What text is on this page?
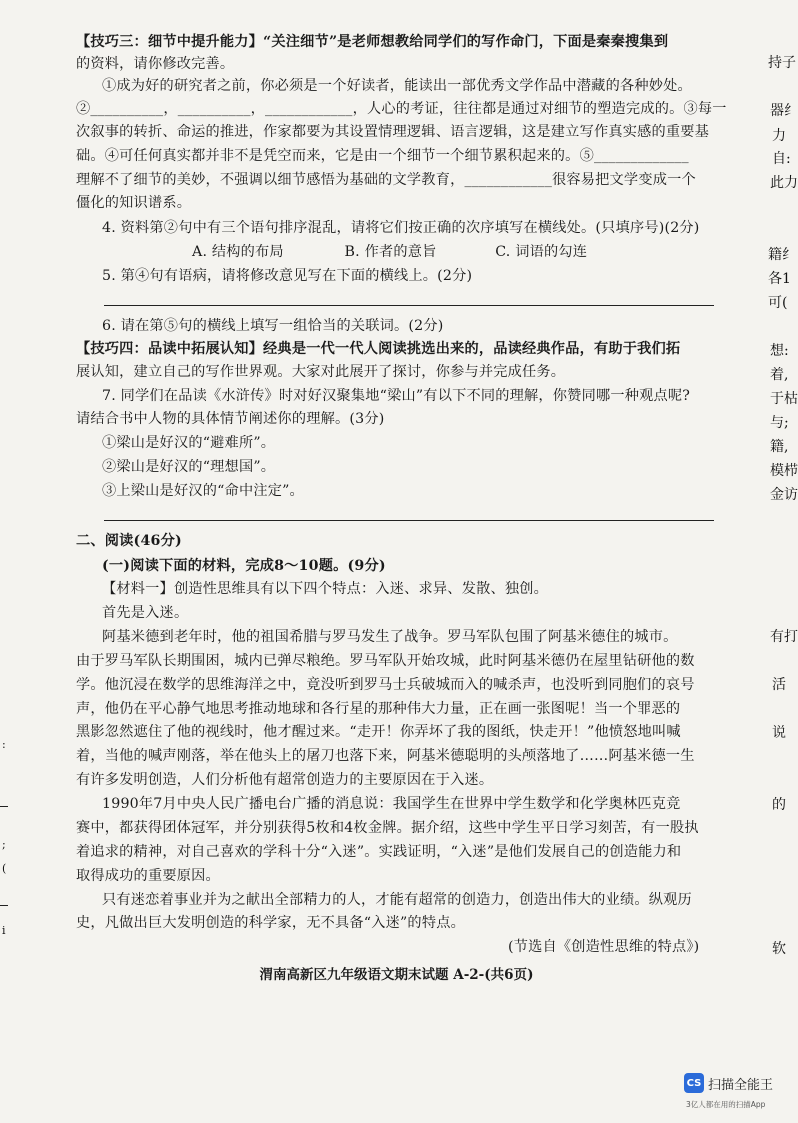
【技巧三：细节中提升能力】“关注细节”是老师想教给同学们的写作命门，下面是秦秦搜集到
的资料，请你修改完善。
①成为好的研究者之前，你必须是一个好读者，能读出一部优秀文学作品中潜藏的各种妙处。
②__________，__________，____________，人心的考证，往往都是通过对细节的塑造完成的。③每一
次叙事的转折、命运的推进，作家都要为其设置情理逻辑、语言逻辑，这是建立写作真实感的重要基
础。④可任何真实都并非不是凭空而来，它是由一个细节一个细节累积起来的。⑤_____________
理解不了细节的美妙，不强调以细节感悟为基础的文学教育，____________很容易把文学变成一个
僵化的知识谱系。
4. 资料第②句中有三个语句排序混乱，请将它们按正确的次序填写在横线处。(只填序号)(2分)
A. 结构的布局	B. 作者的意旨	C. 词语的勾连
5. 第④句有语病，请将修改意见写在下面的横线上。(2分)
6. 请在第⑤句的横线上填写一组恰当的关联词。(2分)
【技巧四：品读中拓展认知】经典是一代一代人阅读挑选出来的，品读经典作品，有助于我们拓
展认知，建立自己的写作世界观。大家对此展开了探讨，你参与并完成任务。
7. 同学们在品读《水浒传》时对好汉聚集地“梁山”有以下不同的理解，你赞同哪一种观点呢?
请结合书中人物的具体情节阐述你的理解。(3分)
①梁山是好汉的“避难所”。
②梁山是好汉的“理想国”。
③上梁山是好汉的“命中注定”。
二、阅读(46分)
(一)阅读下面的材料，完成8～10题。(9分)
【材料一】创造性思维具有以下四个特点：入迷、求异、发散、独创。
首先是入迷。
阿基米德到老年时，他的祖国希腊与罗马发生了战争。罗马军队包围了阿基米德住的城市。
由于罗马军队长期围困，城内已弹尽粮绝。罗马军队开始攻城，此时阿基米德仍在屋里钻研他的数
学。他沉浸在数学的思维海洋之中，竟没听到罗马士兵破城而入的喊杀声，也没听到同胞们的哀号
声，他仍在平心静气地思考推动地球和各行星的那种伟大力量，正在画一张图呢！当一个罪恶的
黑影忽然遮住了他的视线时，他才醒过来。“走开！你弄坏了我的图纸，快走开！”他愤怒地叫喊
着，当他的喊声刚落，举在他头上的屠刀也落下来，阿基米德聪明的头颅落地了……阿基米德一生
有许多发明创造，人们分析他有超常创造力的主要原因在于入迷。
1990年7月中央人民广播电台广播的消息说：我国学生在世界中学生数学和化学奥林匹克竞
赛中，都获得团体冠军，并分别获得5枚和4枚金牌。据介绍，这些中学生平日学习刻苦，有一股执
着追求的精神，对自己喜欢的学科十分“入迷”。实践证明，“入迷”是他们发展自己的创造能力和
取得成功的重要原因。
只有迷恋着事业并为之献出全部精力的人，才能有超常的创造力，创造出伟大的业绩。纵观历
史，凡做出巨大发明创造的科学家，无不具备“入迷”的特点。
(节选自《创造性思维的特点》)
渭南高新区九年级语文期末试题 A-2-(共6页)
持子
器纟
力
自:
此力
籍纟
各1
可(
想:
着,
于枯
与;
籍,
模栉
金访
有打
活
说
的
软
:
;
(
i
CS 扫描全能王
3亿人都在用的扫描App
